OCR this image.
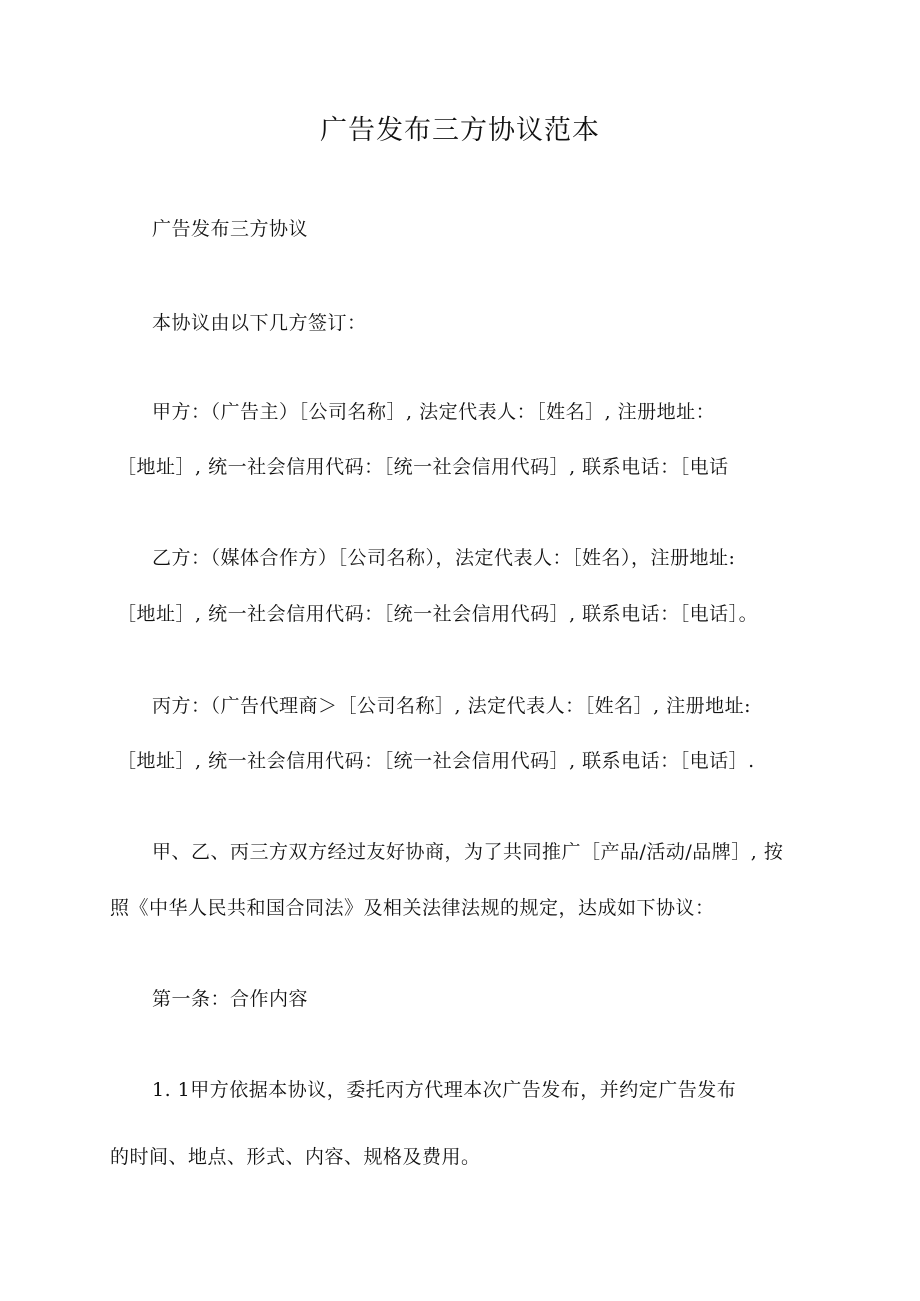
广告发布三方协议范本
广告发布三方协议
本协议由以下几方签订：
甲方：（广告主）［公司名称］, 法定代表人：［姓名］, 注册地址：
［地址］, 统一社会信用代码：［统一社会信用代码］, 联系电话：［电话
乙方：（媒体合作方）［公司名称），法定代表人：［姓名），注册地址:
［地址］, 统一社会信用代码：［统一社会信用代码］, 联系电话：［电话］。
丙方：（广告代理商＞［公司名称］, 法定代表人：［姓名］, 注册地址:
［地址］, 统一社会信用代码：［统一社会信用代码］, 联系电话：［电话］.
甲、乙、丙三方双方经过友好协商，为了共同推广［产品/活动/品牌］, 按
照《中华人民共和国合同法》及相关法律法规的规定，达成如下协议：
第一条：合作内容
1. 1甲方依据本协议，委托丙方代理本次广告发布，并约定广告发布
的时间、地点、形式、内容、规格及费用。
